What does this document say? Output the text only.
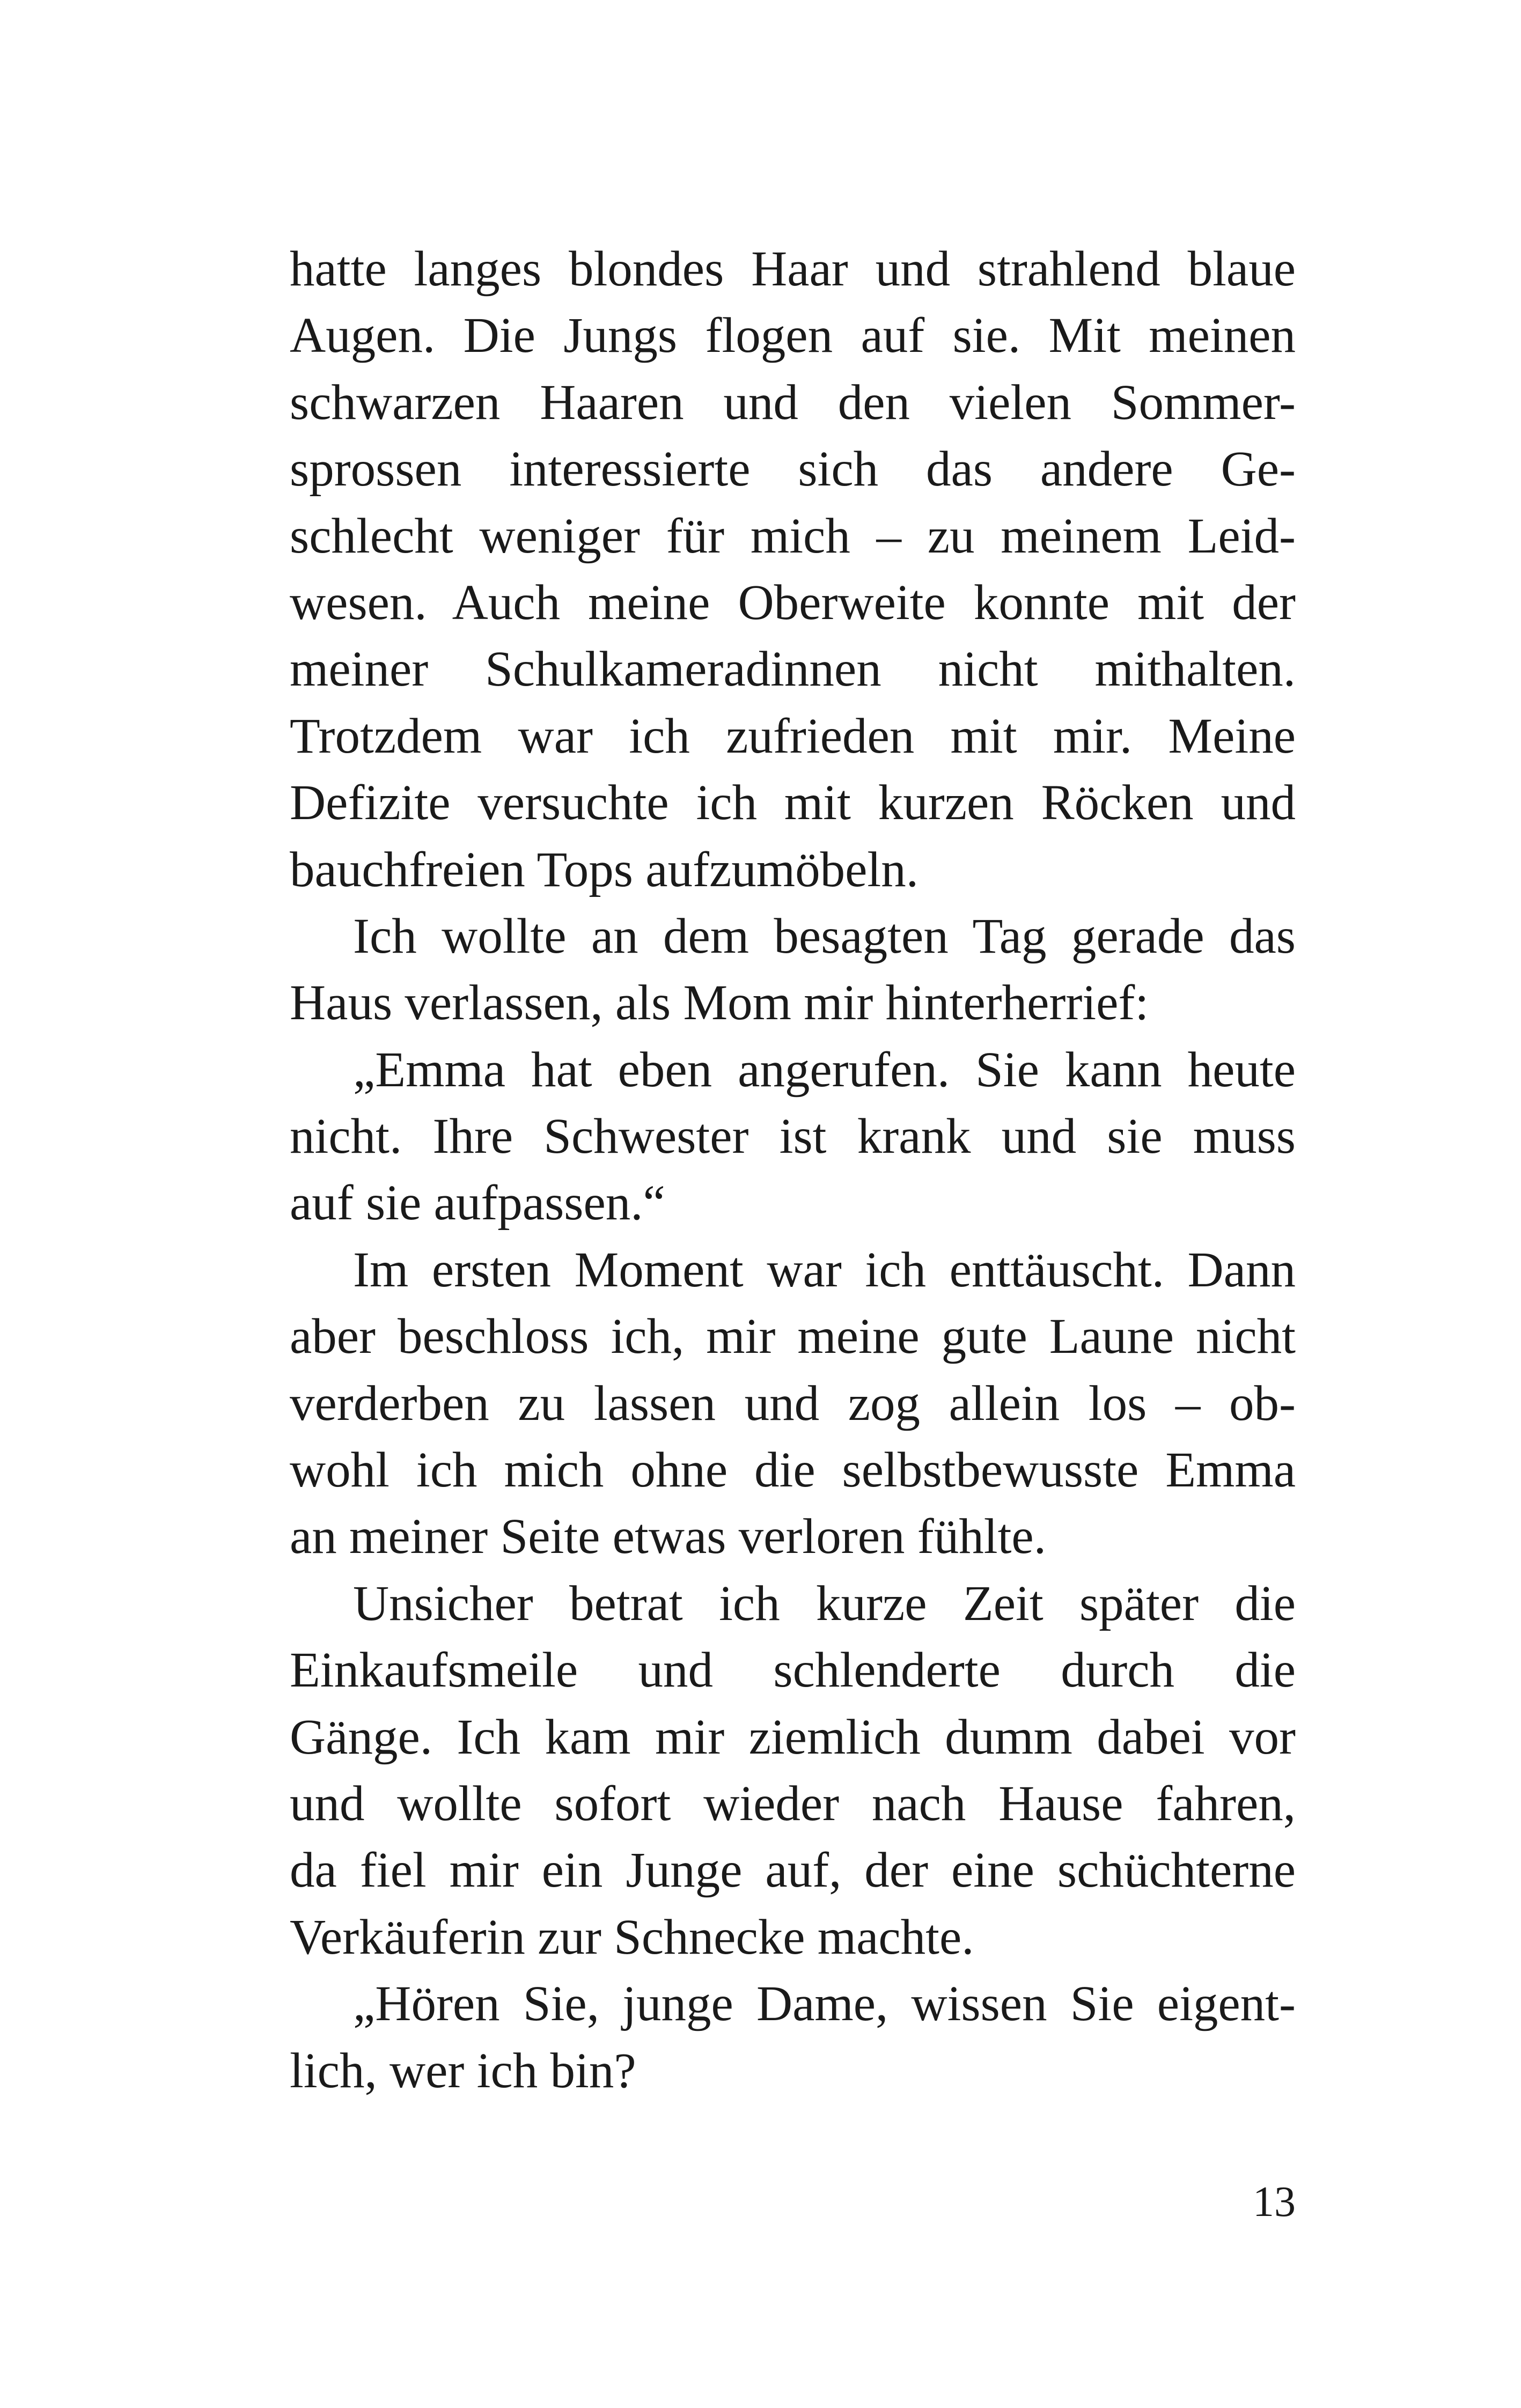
hatte langes blondes Haar und strahlend blaue
Augen. Die Jungs flogen auf sie. Mit meinen
schwarzen Haaren und den vielen Sommer-
sprossen interessierte sich das andere Ge-
schlecht weniger für mich – zu meinem Leid-
wesen. Auch meine Oberweite konnte mit der
meiner Schulkameradinnen nicht mithalten.
Trotzdem war ich zufrieden mit mir. Meine
Defizite versuchte ich mit kurzen Röcken und
bauchfreien Tops aufzumöbeln.
Ich wollte an dem besagten Tag gerade das
Haus verlassen, als Mom mir hinterherrief:
„Emma hat eben angerufen. Sie kann heute
nicht. Ihre Schwester ist krank und sie muss
auf sie aufpassen.“
Im ersten Moment war ich enttäuscht. Dann
aber beschloss ich, mir meine gute Laune nicht
verderben zu lassen und zog allein los – ob-
wohl ich mich ohne die selbstbewusste Emma
an meiner Seite etwas verloren fühlte.
Unsicher betrat ich kurze Zeit später die
Einkaufsmeile und schlenderte durch die
Gänge. Ich kam mir ziemlich dumm dabei vor
und wollte sofort wieder nach Hause fahren,
da fiel mir ein Junge auf, der eine schüchterne
Verkäuferin zur Schnecke machte.
„Hören Sie, junge Dame, wissen Sie eigent-
lich, wer ich bin?
13
